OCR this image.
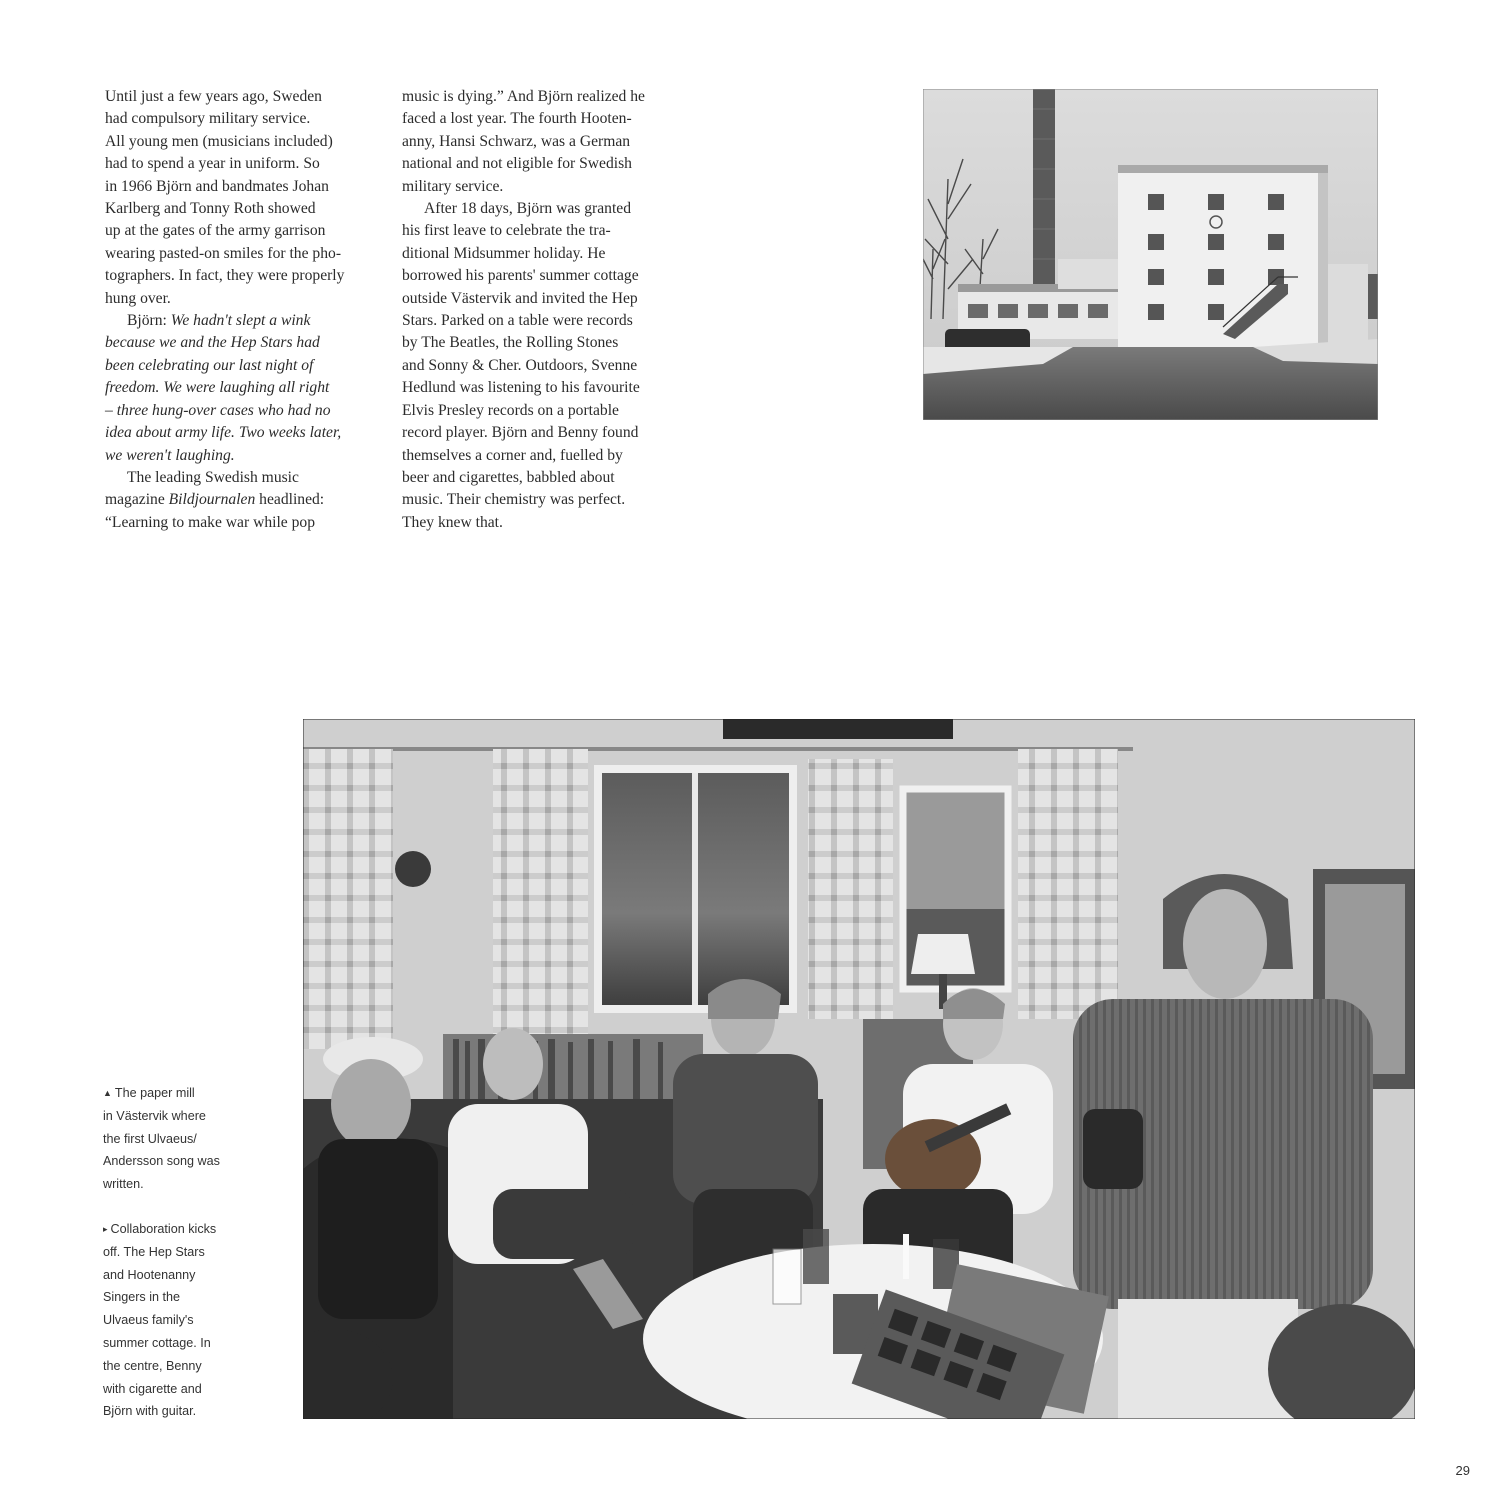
Until just a few years ago, Sweden
had compulsory military service.
All young men (musicians included)
had to spend a year in uniform. So
in 1966 Björn and bandmates Johan
Karlberg and Tonny Roth showed
up at the gates of the army garrison
wearing pasted-on smiles for the pho-
tographers. In fact, they were properly
hung over.

Björn: We hadn't slept a wink
because we and the Hep Stars had
been celebrating our last night of
freedom. We were laughing all right
– three hung-over cases who had no
idea about army life. Two weeks later,
we weren't laughing.

The leading Swedish music
magazine Bildjournalen headlined:
“Learning to make war while pop

music is dying.” And Björn realized he
faced a lost year. The fourth Hooten-
anny, Hansi Schwarz, was a German
national and not eligible for Swedish
military service.

After 18 days, Björn was granted
his first leave to celebrate the tra-
ditional Midsummer holiday. He
borrowed his parents' summer cottage
outside Västervik and invited the Hep
Stars. Parked on a table were records
by The Beatles, the Rolling Stones
and Sonny & Cher. Outdoors, Svenne
Hedlund was listening to his favourite
Elvis Presley records on a portable
record player. Björn and Benny found
themselves a corner and, fuelled by
beer and cigarettes, babbled about
music. Their chemistry was perfect.
They knew that.

▲ The paper mill
in Västervik where
the first Ulvaeus/
Andersson song was
written.
▸ Collaboration kicks
off. The Hep Stars
and Hootenanny
Singers in the
Ulvaeus family's
summer cottage. In
the centre, Benny
with cigarette and
Björn with guitar.
29
